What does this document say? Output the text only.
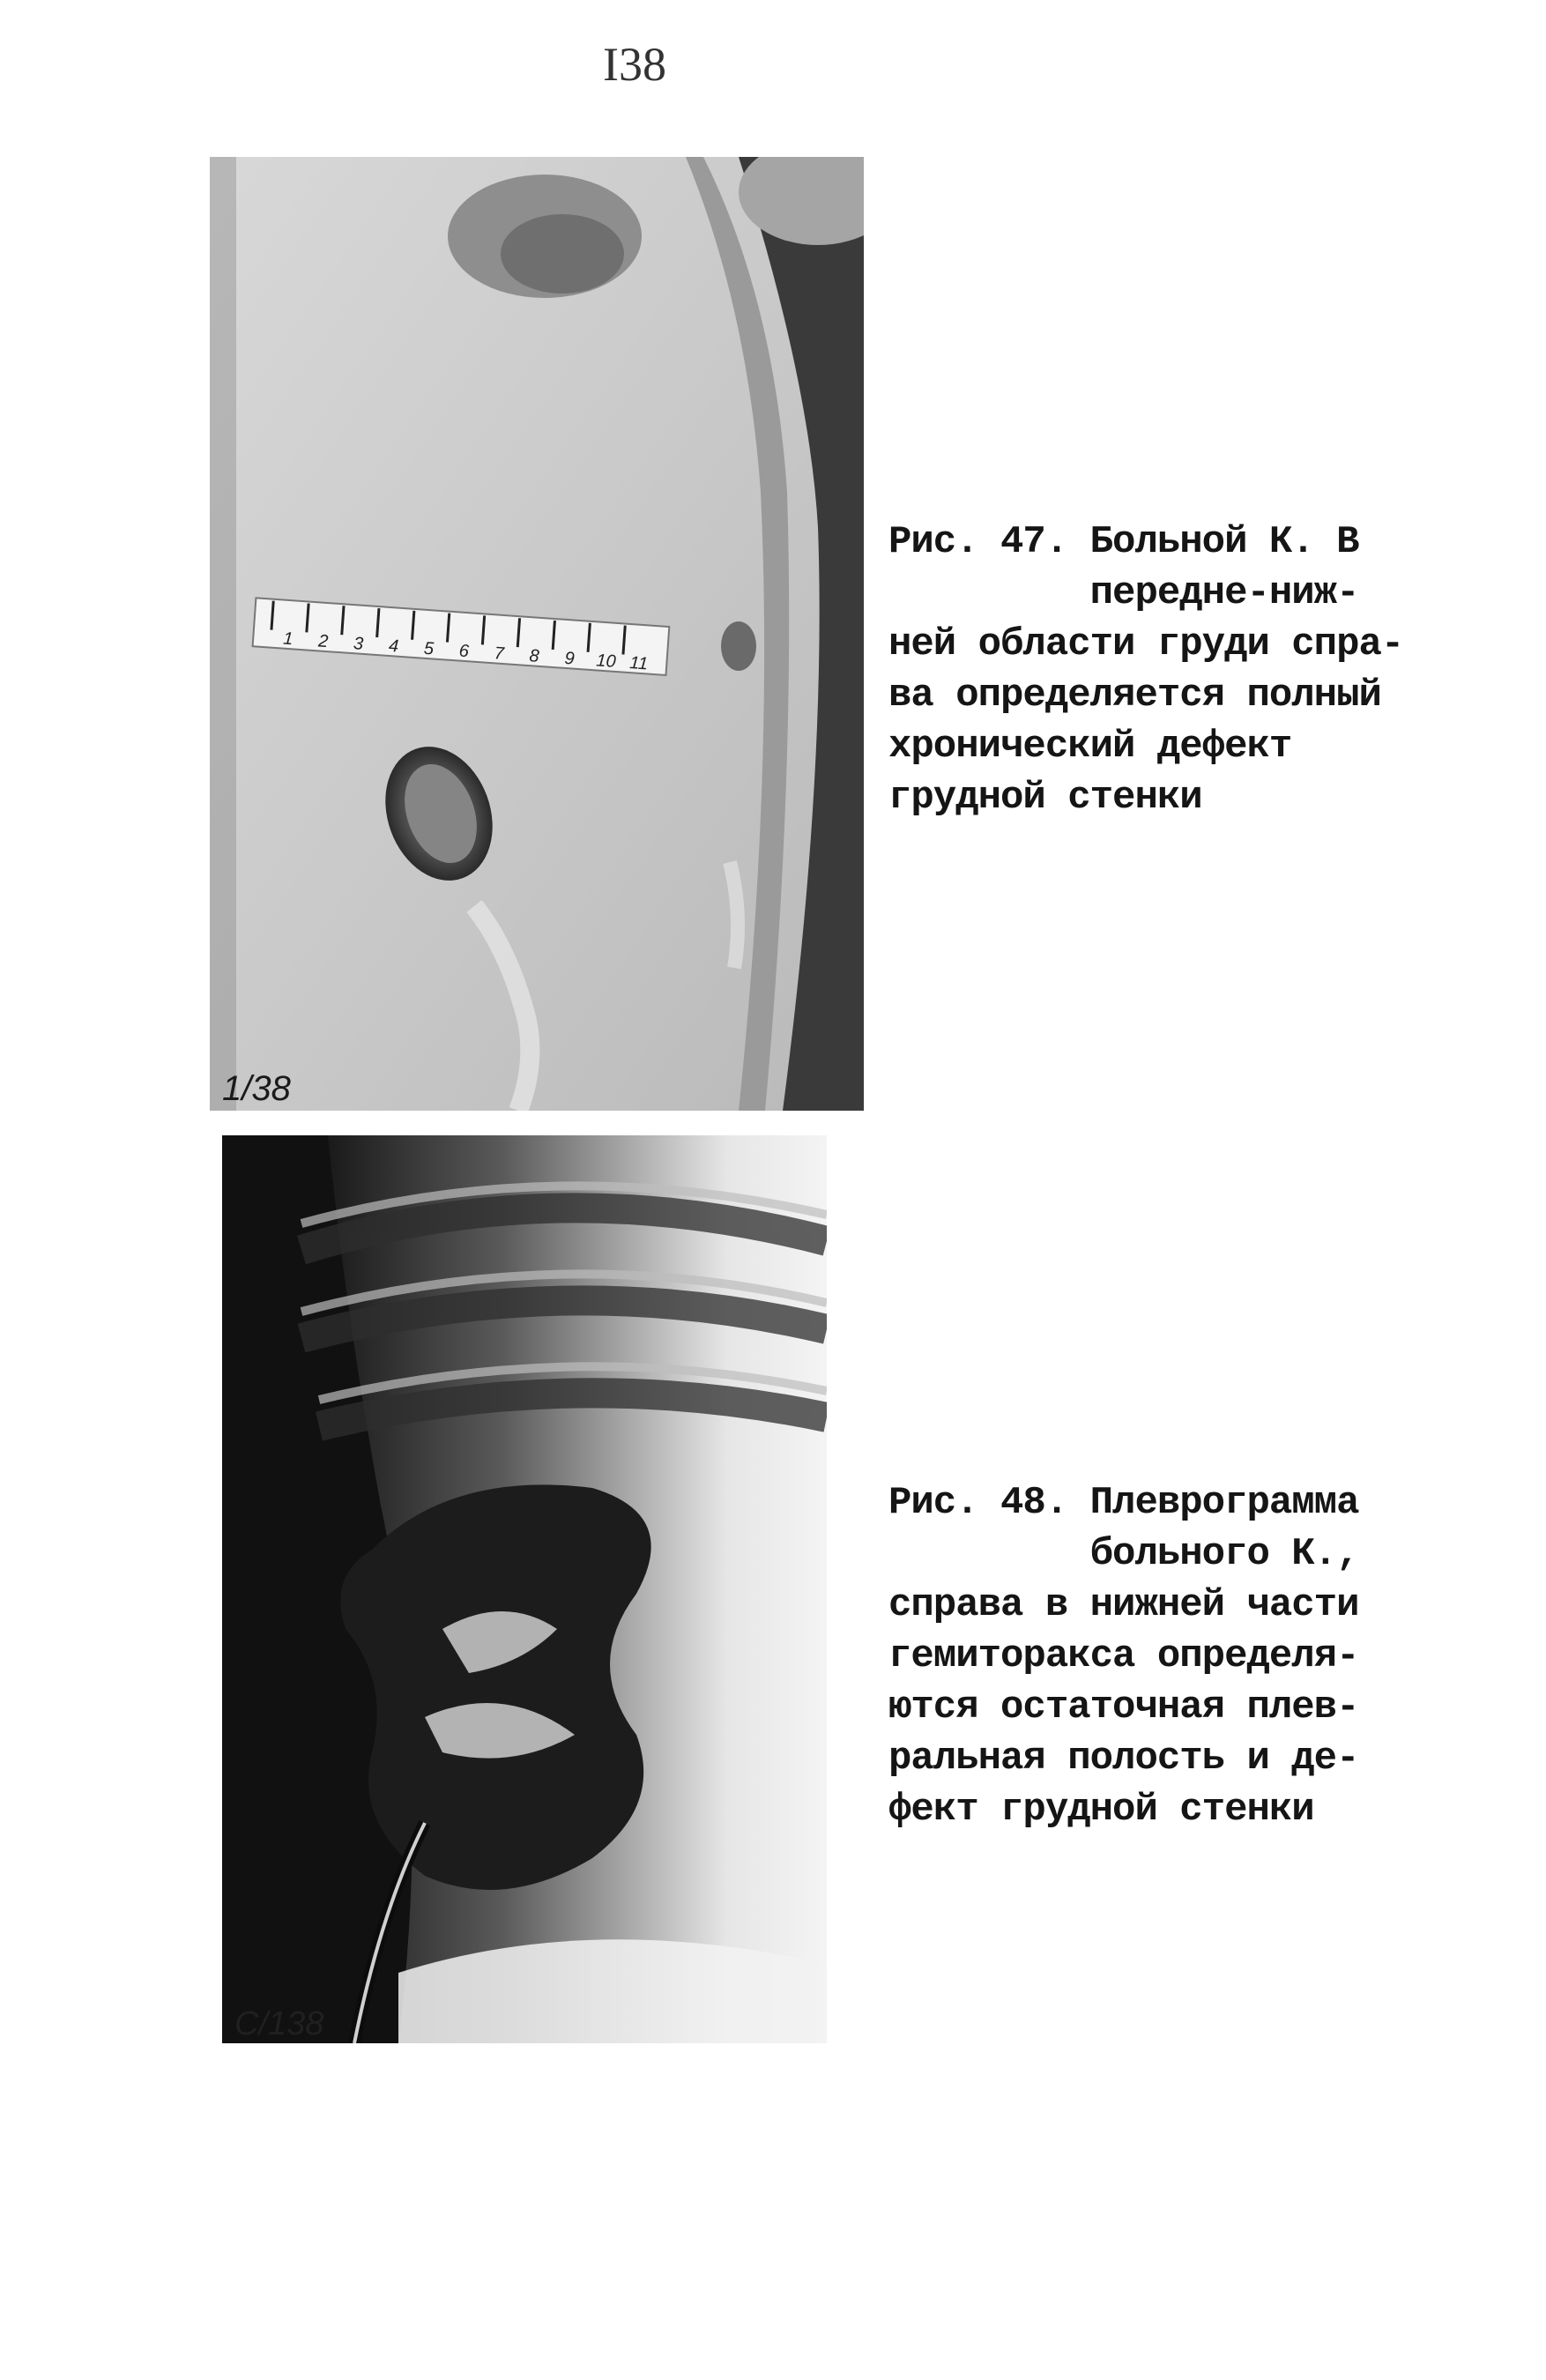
I38
1 2 3 4 5 6 7 8 9 10 11
1/38
Рис. 47. Больной К. В
передне-ниж-
ней области груди спра-
ва определяется полный
хронический дефект
грудной стенки
С/138
Рис. 48. Плеврограмма
больного К.,
справа в нижней части
гемиторакса определя-
ются остаточная плев-
ральная полость и де-
фект грудной стенки
